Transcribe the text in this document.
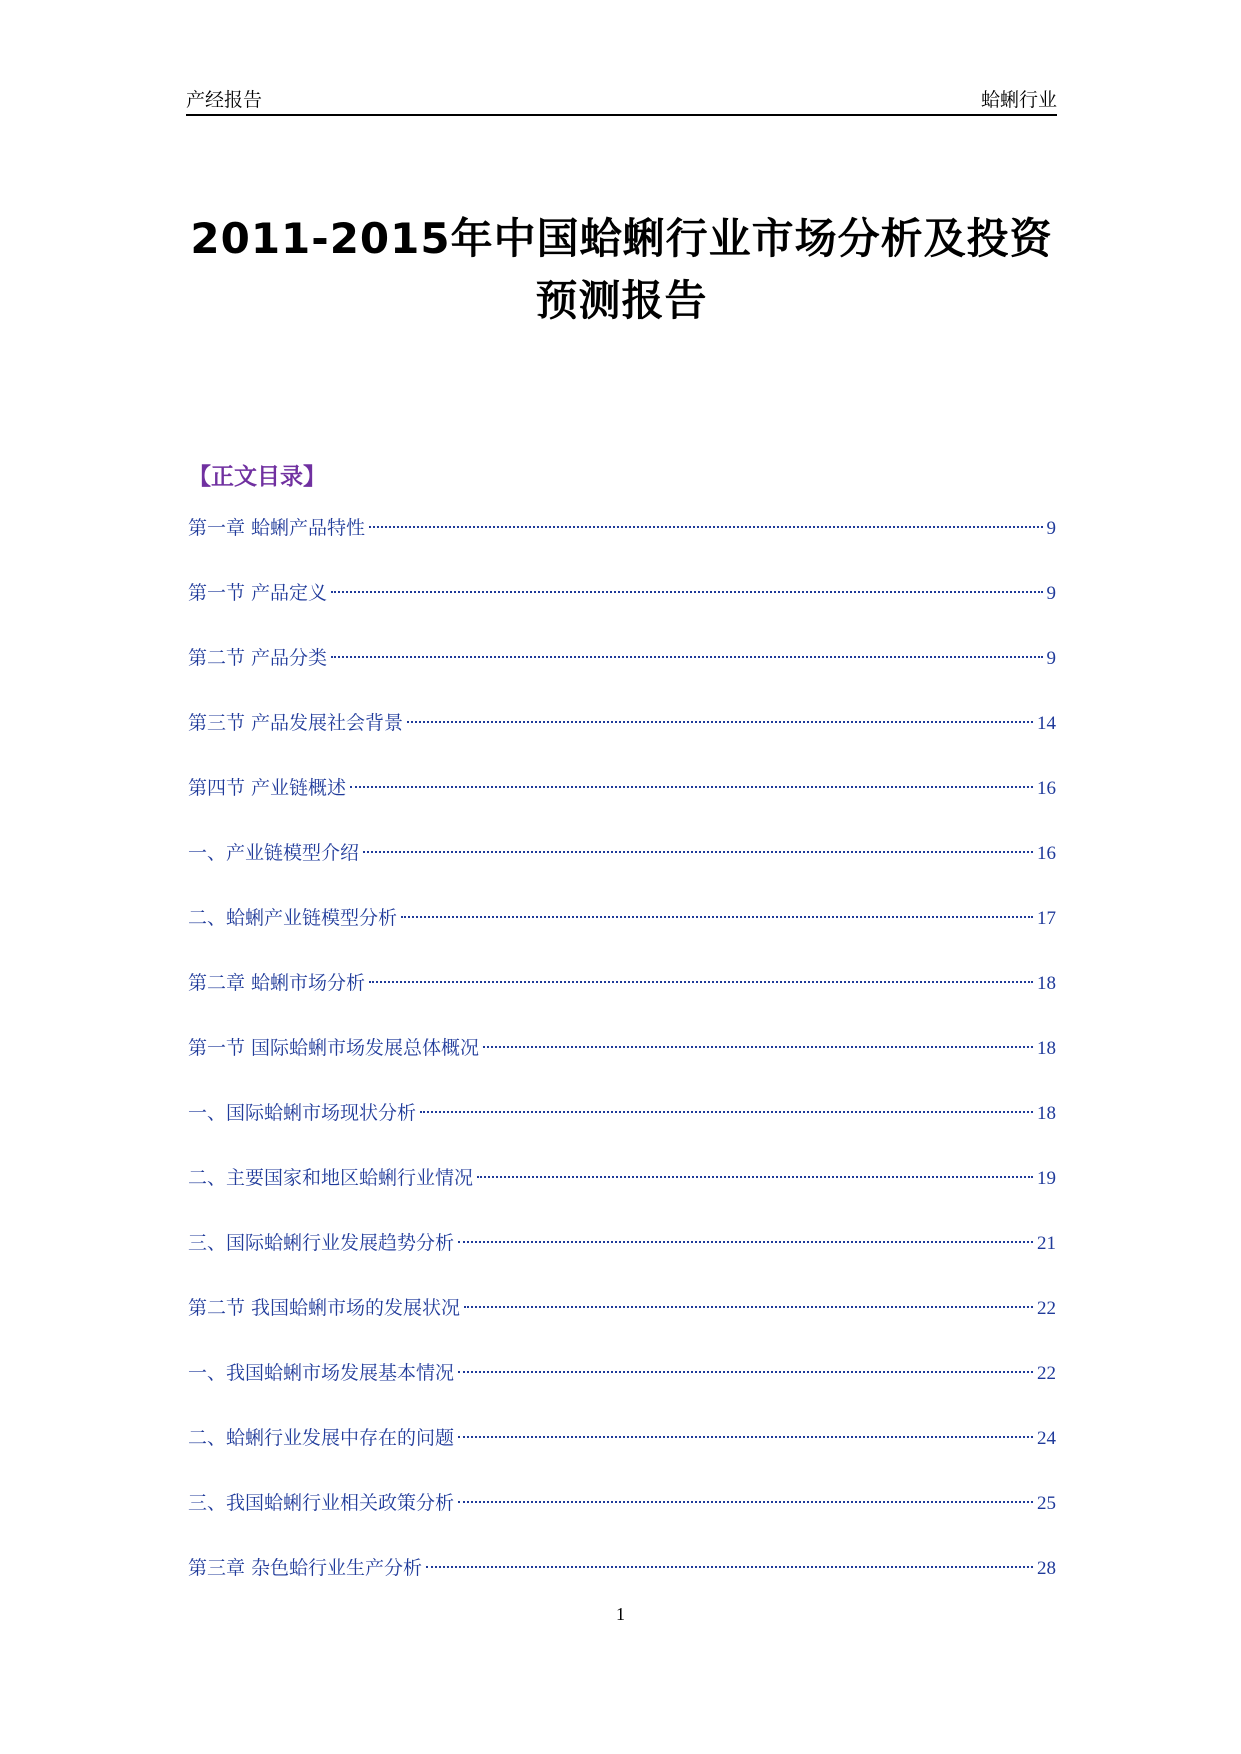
产经报告	蛤蜊行业
2011-2015年中国蛤蜊行业市场分析及投资
预测报告
【正文目录】
第一章 蛤蜊产品特性	9
第一节 产品定义	9
第二节 产品分类	9
第三节 产品发展社会背景	14
第四节 产业链概述	16
一、产业链模型介绍	16
二、蛤蜊产业链模型分析	17
第二章 蛤蜊市场分析	18
第一节 国际蛤蜊市场发展总体概况	18
一、国际蛤蜊市场现状分析	18
二、主要国家和地区蛤蜊行业情况	19
三、国际蛤蜊行业发展趋势分析	21
第二节 我国蛤蜊市场的发展状况	22
一、我国蛤蜊市场发展基本情况	22
二、蛤蜊行业发展中存在的问题	24
三、我国蛤蜊行业相关政策分析	25
第三章 杂色蛤行业生产分析	28
1
